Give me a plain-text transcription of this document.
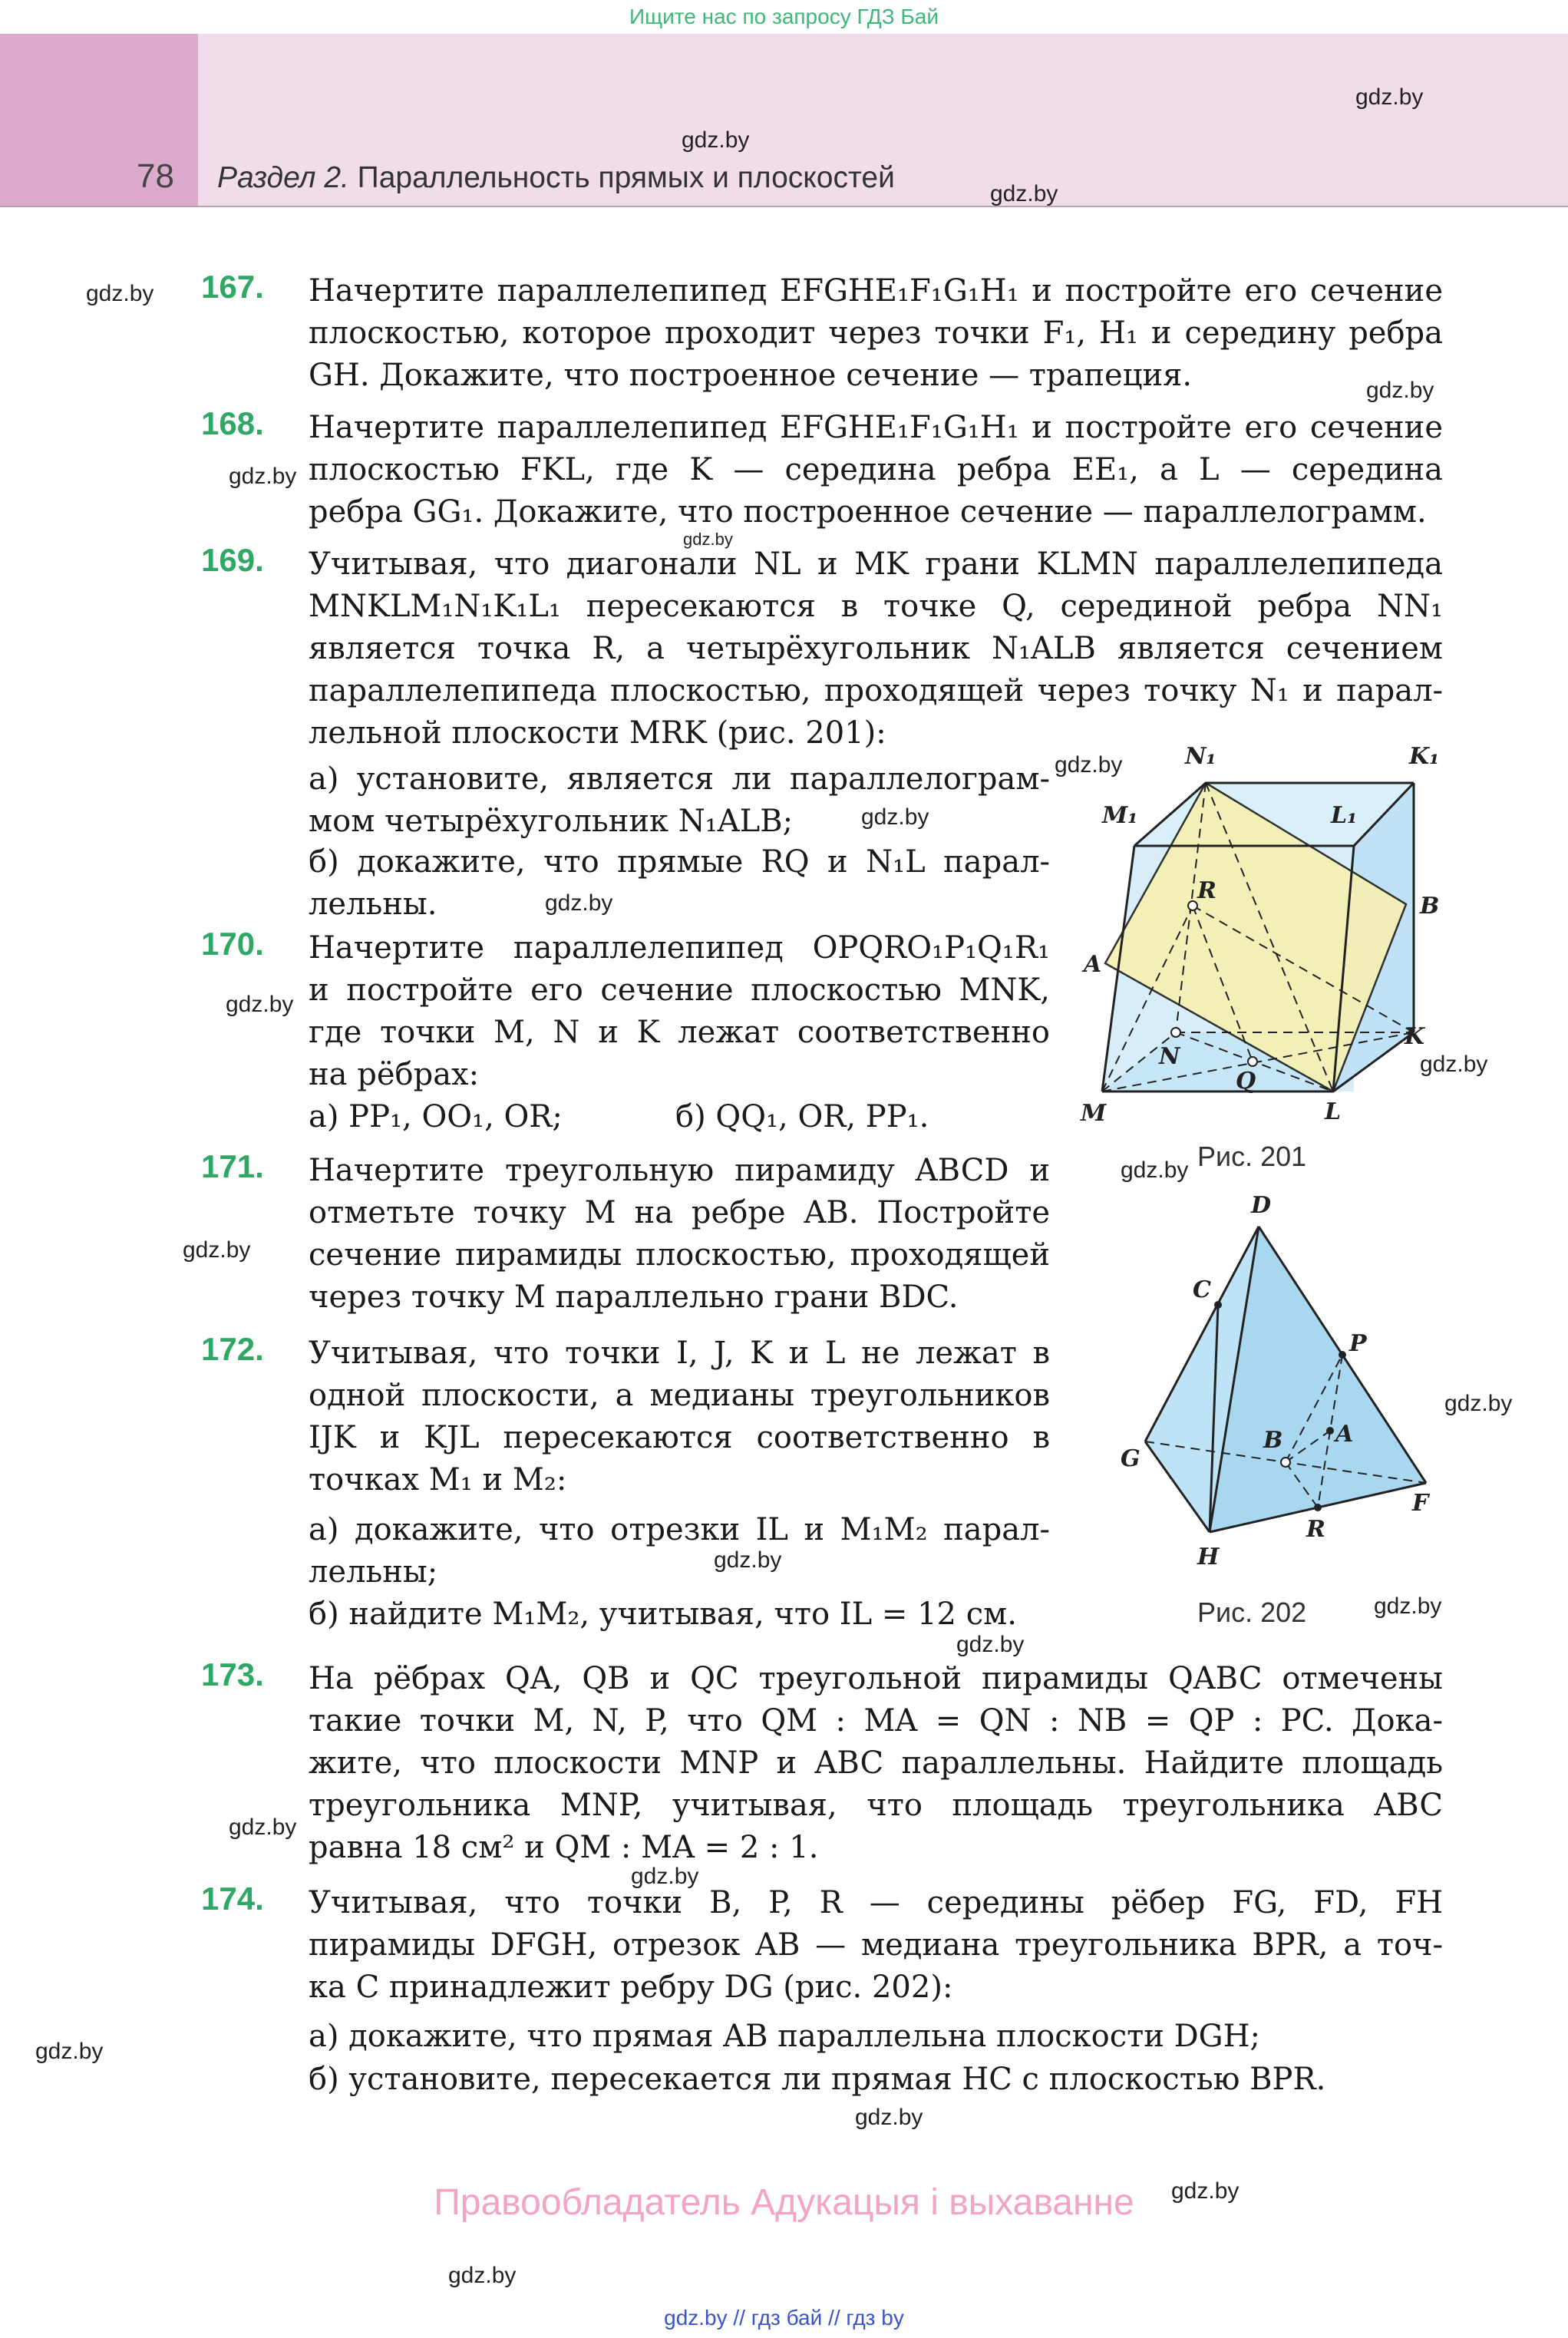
Ищите нас по запросу ГДЗ Бай
78 Раздел 2. Параллельность прямых и плоскостей
gdz.by
gdz.by
gdz.by
gdz.by
gdz.by
gdz.by
gdz.by
gdz.by
gdz.by
gdz.by
gdz.by
gdz.by
gdz.by
gdz.by
gdz.by
gdz.by
gdz.by
gdz.by
gdz.by
gdz.by
gdz.by
gdz.by
gdz.by
gdz.by
167. Начертите параллелепипед EFGHE₁F₁G₁H₁ и постройте его сечение
плоскостью, которое проходит через точки F₁, H₁ и середину ребра
GH. Докажите, что построенное сечение — трапеция.
168. Начертите параллелепипед EFGHE₁F₁G₁H₁ и постройте его сечение
плоскостью FKL, где K — середина ребра EE₁, а L — середина
ребра GG₁. Докажите, что построенное сечение — параллелограмм.
169. Учитывая, что диагонали NL и MK грани KLMN параллелепипеда
MNKLM₁N₁K₁L₁ пересекаются в точке Q, серединой ребра NN₁
является точка R, а четырёхугольник N₁ALB является сечением
параллелепипеда плоскостью, проходящей через точку N₁ и парал-
лельной плоскости MRK (рис. 201):
а) установите, является ли параллелограм-
мом четырёхугольник N₁ALB;
б) докажите, что прямые RQ и N₁L парал-
лельны.
170. Начертите параллелепипед OPQRO₁P₁Q₁R₁
и постройте его сечение плоскостью MNK,
где точки M, N и K лежат соответственно
на рёбрах:
а) PP₁, OO₁, OR;	б) QQ₁, OR, PP₁.
171. Начертите треугольную пирамиду ABCD и
отметьте точку M на ребре AB. Постройте
сечение пирамиды плоскостью, проходящей
через точку M параллельно грани BDC.
172. Учитывая, что точки I, J, K и L не лежат в
одной плоскости, а медианы треугольников
IJK и KJL пересекаются соответственно в
точках M₁ и M₂:
а) докажите, что отрезки IL и M₁M₂ парал-
лельны;
б) найдите M₁M₂, учитывая, что IL = 12 см.
173. На рёбрах QA, QB и QC треугольной пирамиды QABC отмечены
такие точки M, N, P, что QM : MA = QN : NB = QP : PC. Дока-
жите, что плоскости MNP и ABC параллельны. Найдите площадь
треугольника MNP, учитывая, что площадь треугольника ABC
равна 18 см² и QM : MA = 2 : 1.
174. Учитывая, что точки B, P, R — середины рёбер FG, FD, FH
пирамиды DFGH, отрезок AB — медиана треугольника BPR, а точ-
ка C принадлежит ребру DG (рис. 202):
а) докажите, что прямая AB параллельна плоскости DGH;
б) установите, пересекается ли прямая HC с плоскостью BPR.
N₁	K₁
M₁	L₁
R
B
A
K
N
Q
M	L
Рис. 201
D
C
P
B A
G
F
R
H
Рис. 202
Правообладатель Адукацыя і выхаванне
gdz.by // гдз бай // гдз by
